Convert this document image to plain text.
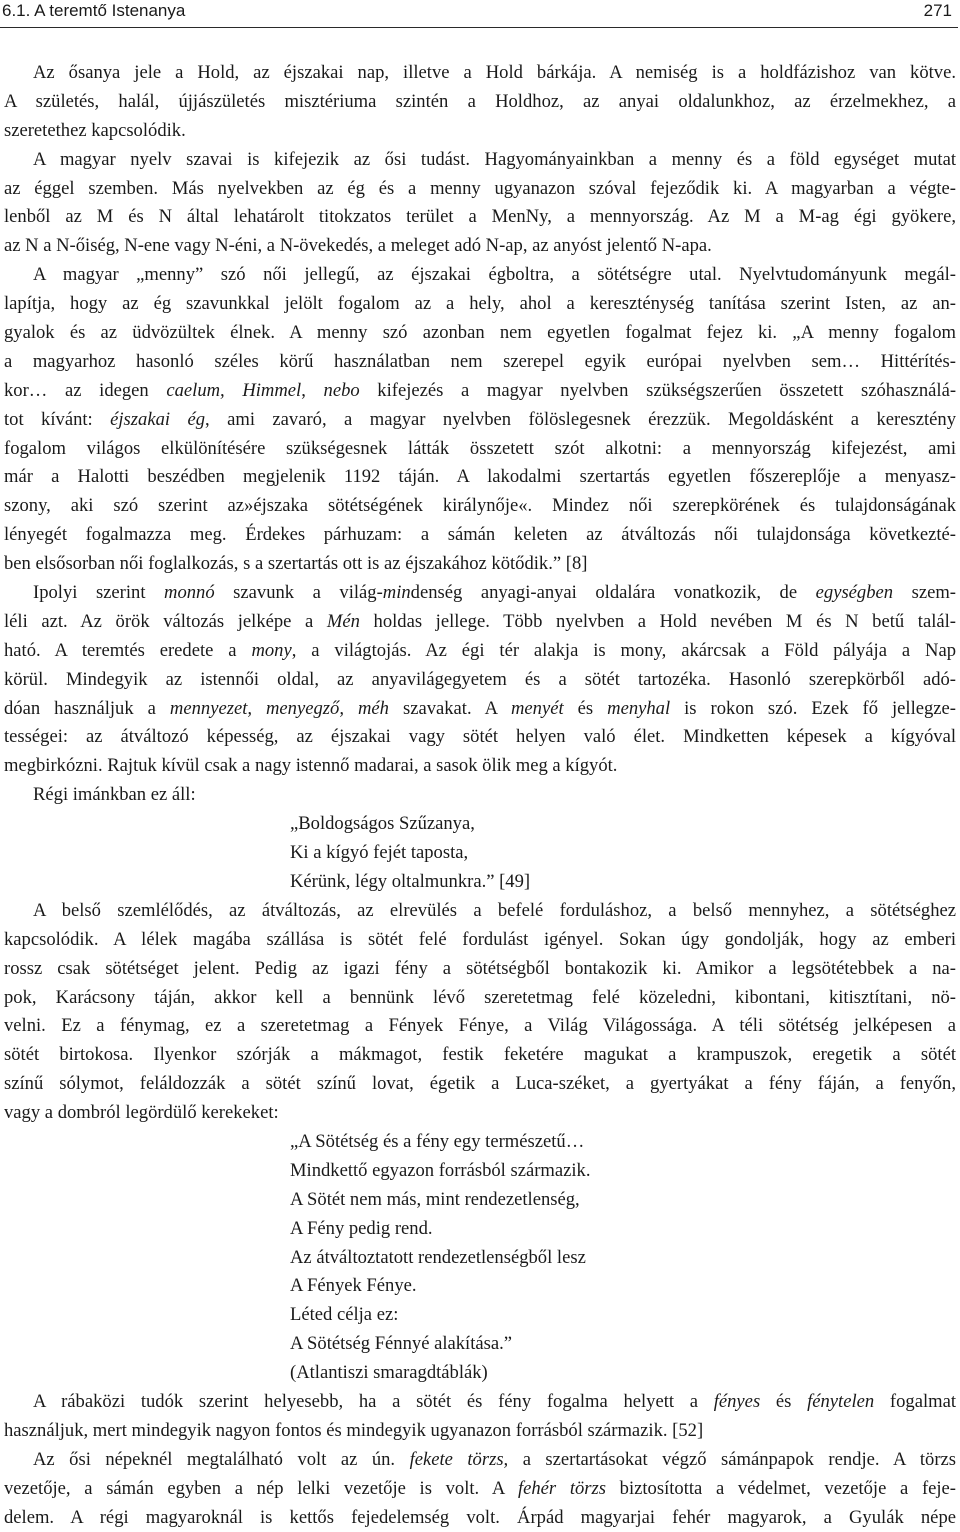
6.1. A teremtő Istenanya	271
Az ősanya jele a Hold, az éjszakai nap, illetve a Hold bárkája. A nemiség is a holdfázishoz van kötve.
A születés, halál, újjászületés misztériuma szintén a Holdhoz, az anyai oldalunkhoz, az érzelmekhez, a
szeretethez kapcsolódik.
A magyar nyelv szavai is kifejezik az ősi tudást. Hagyományainkban a menny és a föld egységet mutat
az éggel szemben. Más nyelvekben az ég és a menny ugyanazon szóval fejeződik ki. A magyarban a végte-
lenből az M és N által lehatárolt titokzatos terület a MenNy, a mennyország. Az M a M-ag égi gyökere,
az N a N-őiség, N-ene vagy N-éni, a N-övekedés, a meleget adó N-ap, az anyóst jelentő N-apa.
A magyar „menny” szó női jellegű, az éjszakai égboltra, a sötétségre utal. Nyelvtudományunk megál-
lapítja, hogy az ég szavunkkal jelölt fogalom az a hely, ahol a kereszténység tanítása szerint Isten, az an-
gyalok és az üdvözültek élnek. A menny szó azonban nem egyetlen fogalmat fejez ki. „A menny fogalom
a magyarhoz hasonló széles körű használatban nem szerepel egyik európai nyelvben sem… Hittérítés-
kor… az idegen caelum, Himmel, nebo kifejezés a magyar nyelvben szükségszerűen összetett szóhasználá-
tot kívánt: éjszakai ég, ami zavaró, a magyar nyelvben fölöslegesnek érezzük. Megoldásként a keresztény
fogalom világos elkülönítésére szükségesnek látták összetett szót alkotni: a mennyország kifejezést, ami
már a Halotti beszédben megjelenik 1192 táján. A lakodalmi szertartás egyetlen főszereplője a menyasz-
szony, aki szó szerint az»éjszaka sötétségének királynője«. Mindez női szerepkörének és tulajdonságának
lényegét fogalmazza meg. Érdekes párhuzam: a sámán keleten az átváltozás női tulajdonsága következté-
ben elsősorban női foglalkozás, s a szertartás ott is az éjszakához kötődik.” [8]
Ipolyi szerint monnó szavunk a világ-mindenség anyagi-anyai oldalára vonatkozik, de egységben szem-
léli azt. Az örök változás jelképe a Mén holdas jellege. Több nyelvben a Hold nevében M és N betű talál-
ható. A teremtés eredete a mony, a világtojás. Az égi tér alakja is mony, akárcsak a Föld pályája a Nap
körül. Mindegyik az istennői oldal, az anyavilágegyetem és a sötét tartozéka. Hasonló szerepkörből adó-
dóan használjuk a mennyezet, menyegző, méh szavakat. A menyét és menyhal is rokon szó. Ezek fő jellegze-
tességei: az átváltozó képesség, az éjszakai vagy sötét helyen való élet. Mindketten képesek a kígyóval
megbirkózni. Rajtuk kívül csak a nagy istennő madarai, a sasok ölik meg a kígyót.
Régi imánkban ez áll:
„Boldogságos Szűzanya,
Ki a kígyó fejét taposta,
Kérünk, légy oltalmunkra.” [49]
A belső szemlélődés, az átváltozás, az elrevülés a befelé forduláshoz, a belső mennyhez, a sötétséghez
kapcsolódik. A lélek magába szállása is sötét felé fordulást igényel. Sokan úgy gondolják, hogy az emberi
rossz csak sötétséget jelent. Pedig az igazi fény a sötétségből bontakozik ki. Amikor a legsötétebbek a na-
pok, Karácsony táján, akkor kell a bennünk lévő szeretetmag felé közeledni, kibontani, kitisztítani, nö-
velni. Ez a fénymag, ez a szeretetmag a Fények Fénye, a Világ Világossága. A téli sötétség jelképesen a
sötét birtokosa. Ilyenkor szórják a mákmagot, festik feketére magukat a krampuszok, eregetik a sötét
színű sólymot, feláldozzák a sötét színű lovat, égetik a Luca-széket, a gyertyákat a fény fáján, a fenyőn,
vagy a dombról legördülő kerekeket:
„A Sötétség és a fény egy természetű…
Mindkettő egyazon forrásból származik.
A Sötét nem más, mint rendezetlenség,
A Fény pedig rend.
Az átváltoztatott rendezetlenségből lesz
A Fények Fénye.
Léted célja ez:
A Sötétség Fénnyé alakítása.”
(Atlantiszi smaragdtáblák)
A rábaközi tudók szerint helyesebb, ha a sötét és fény fogalma helyett a fényes és fénytelen fogalmat
használjuk, mert mindegyik nagyon fontos és mindegyik ugyanazon forrásból származik. [52]
Az ősi népeknél megtalálható volt az ún. fekete törzs, a szertartásokat végző sámánpapok rendje. A törzs
vezetője, a sámán egyben a nép lelki vezetője is volt. A fehér törzs biztosította a védelmet, vezetője a feje-
delem. A régi magyaroknál is kettős fejedelemség volt. Árpád magyarjai fehér magyarok, a Gyulák népe
